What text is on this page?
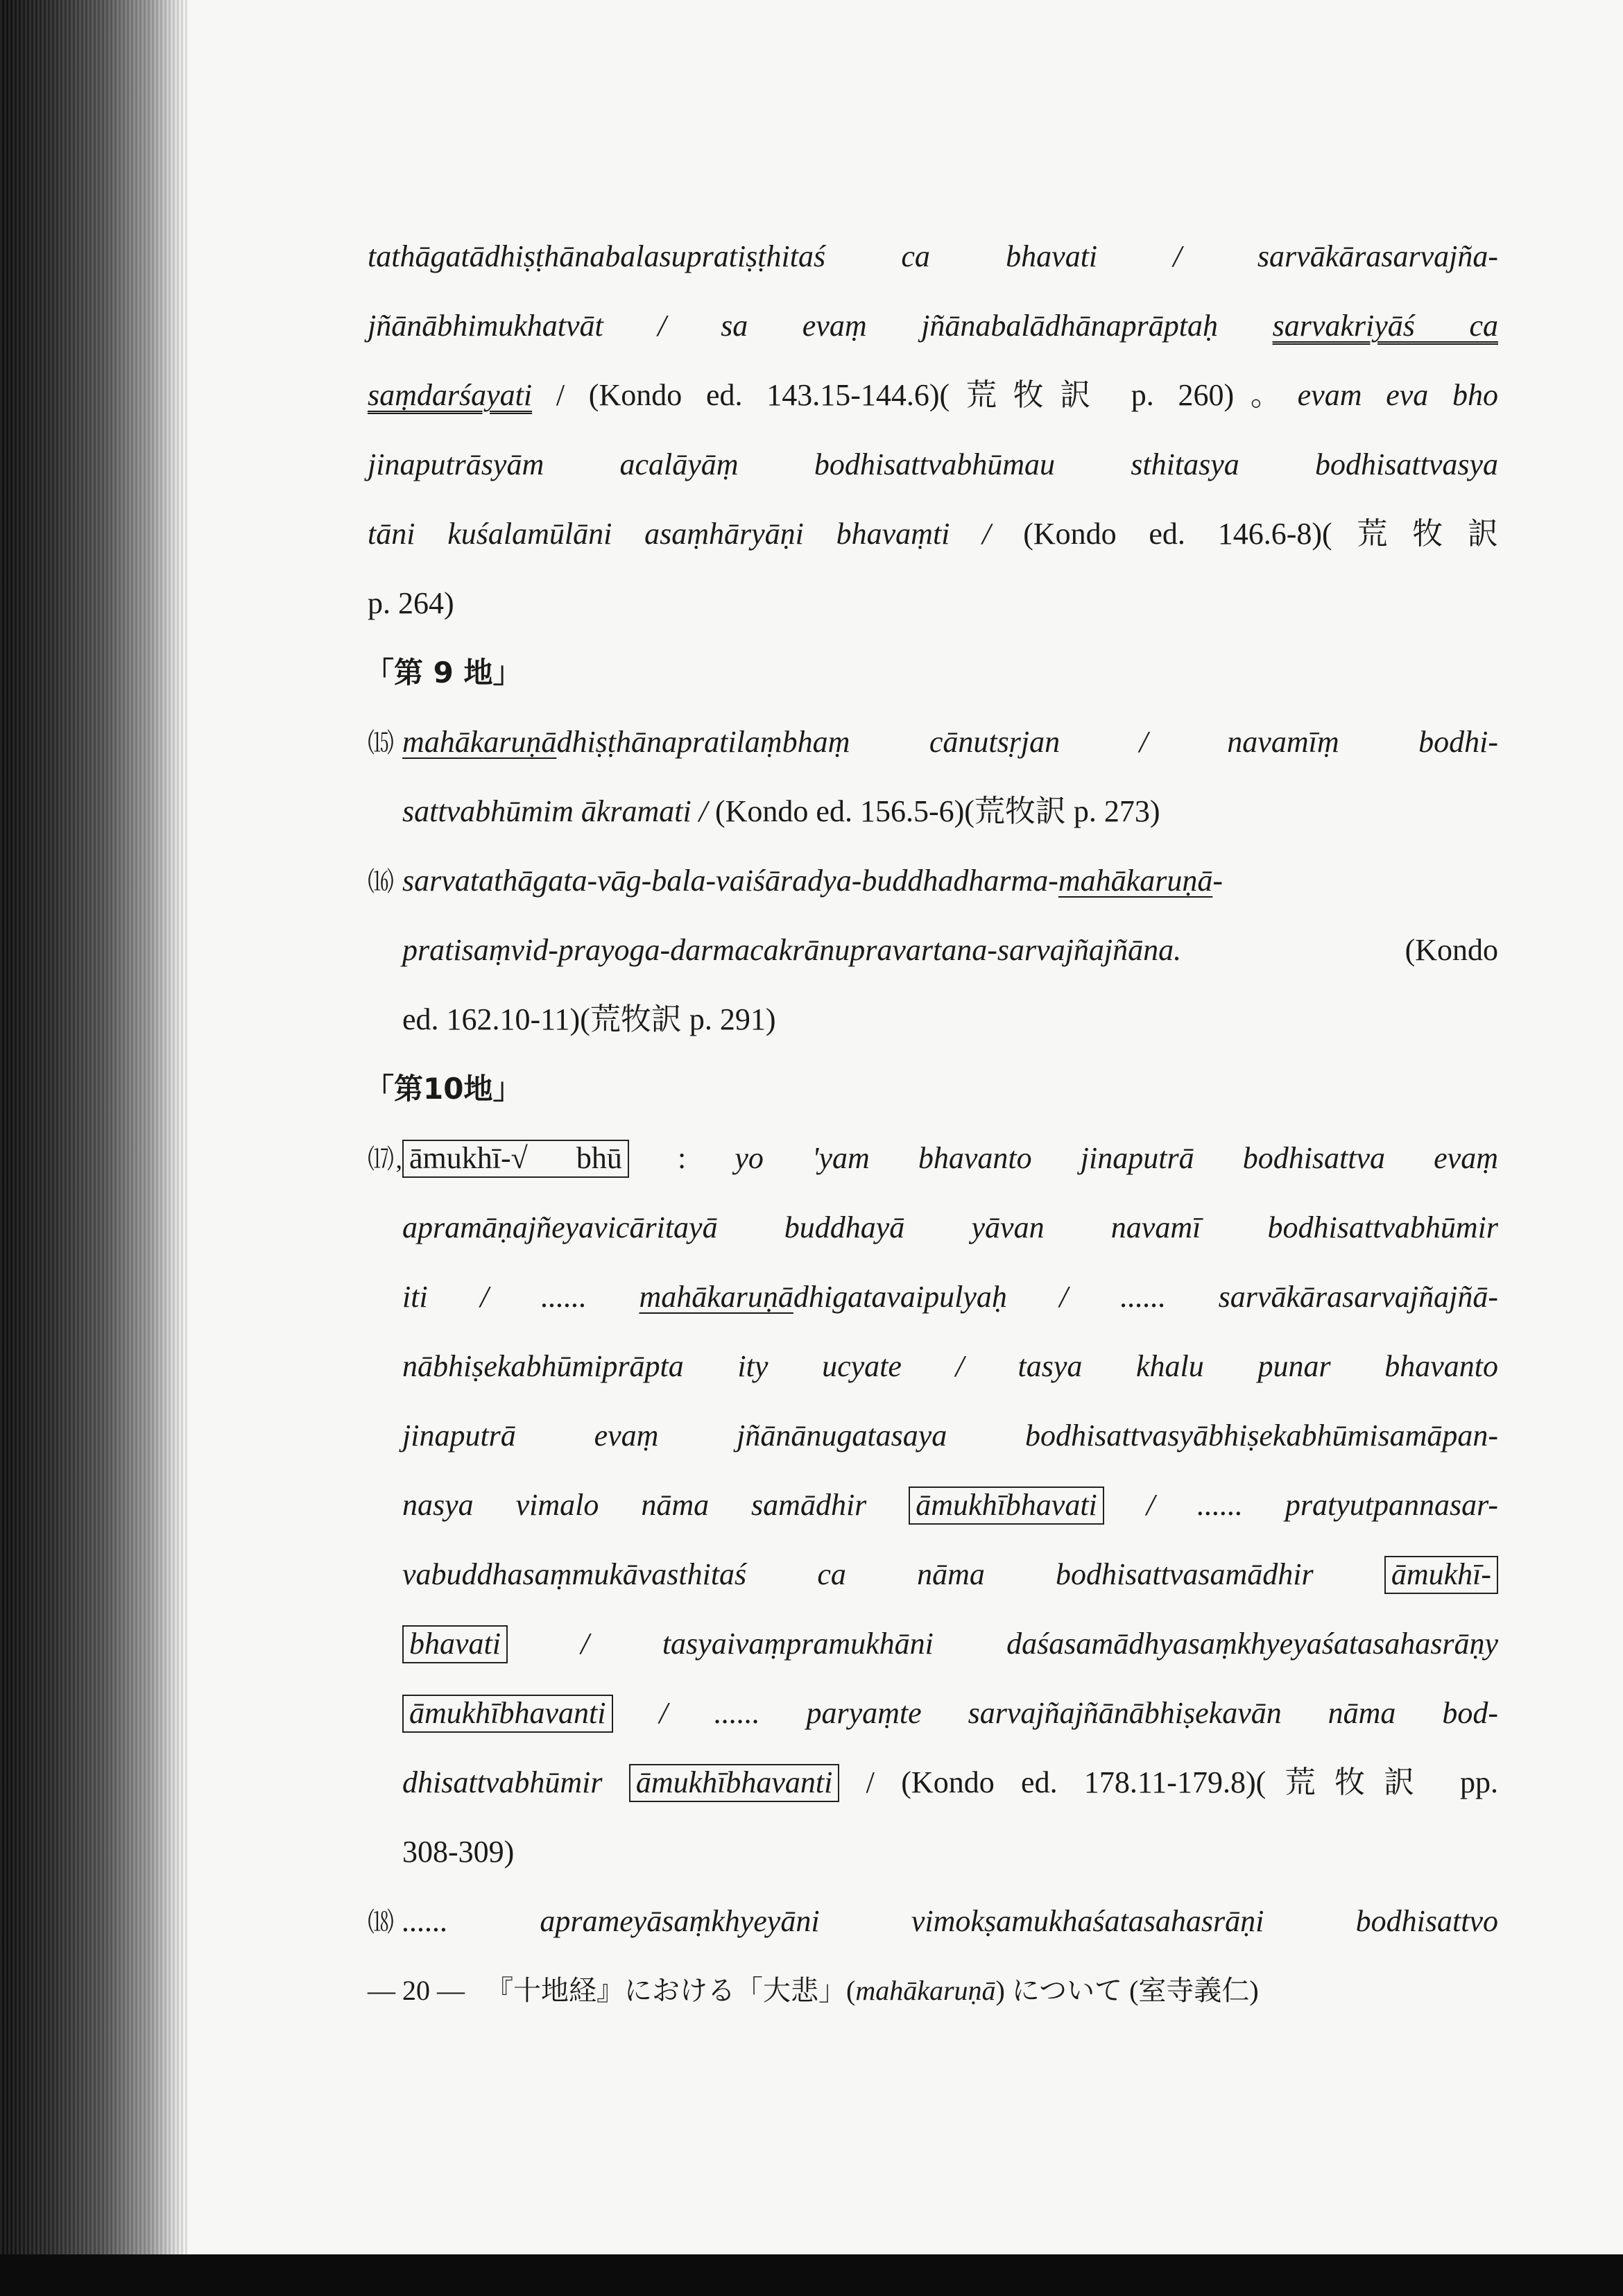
tathāgatādhiṣṭhānabalasupratiṣṭhitaś ca bhavati / sarvākārasarvajña-
jñānābhimukhatvāt / sa evaṃ jñānabalādhānaprāptaḥ sarvakriyāś ca
saṃdarśayati / (Kondo ed. 143.15-144.6)(荒牧訳 p. 260)。evam eva bho
jinaputrāsyām acalāyāṃ bodhisattvabhūmau sthitasya bodhisattvasya
tāni kuśalamūlāni asaṃhāryāṇi bhavaṃti / (Kondo ed. 146.6-8)(荒牧訳
p. 264)
「第 9 地」
⒂ mahākaruṇādhiṣṭhānapratilaṃbhaṃ cānutsṛjan / navamīṃ bodhi-
sattvabhūmim ākramati / (Kondo ed. 156.5-6)(荒牧訳 p. 273)
⒃ sarvatathāgata-vāg-bala-vaiśāradya-buddhadharma-mahākaruṇā-
pratisaṃvid-prayoga-darmacakrānupravartana-sarvajñajñāna. (Kondo
ed. 162.10-11)(荒牧訳 p. 291)
「第10地」
⒄, āmukhī-√ bhū : yo 'yam bhavanto jinaputrā bodhisattva evaṃ
apramāṇajñeyavicāritayā buddhayā yāvan navamī bodhisattvabhūmir
iti / ...... mahākaruṇādhigatavaipulyaḥ / ...... sarvākārasarvajñajñā-
nābhiṣekabhūmiprāpta ity ucyate / tasya khalu punar bhavanto
jinaputrā evaṃ jñānānugatasaya bodhisattvasyābhiṣekabhūmisamāpan-
nasya vimalo nāma samādhir āmukhībhavati / ...... pratyutpannasar-
vabuddhasaṃmukāvasthitaś ca nāma bodhisattvasamādhir āmukhī-
bhavati / tasyaivaṃpramukhāni daśasamādhyasaṃkhyeyaśatasahasrāṇy
āmukhībhavanti / ...... paryaṃte sarvajñajñānābhiṣekavān nāma bod-
dhisattvabhūmir āmukhībhavanti / (Kondo ed. 178.11-179.8)(荒牧訳 pp.
308-309)
⒅ ...... aprameyāsaṃkhyeyāni vimokṣamukhaśatasahasrāṇi bodhisattvo
— 20 — 『十地経』における「大悲」(mahākaruṇā) について (室寺義仁)
